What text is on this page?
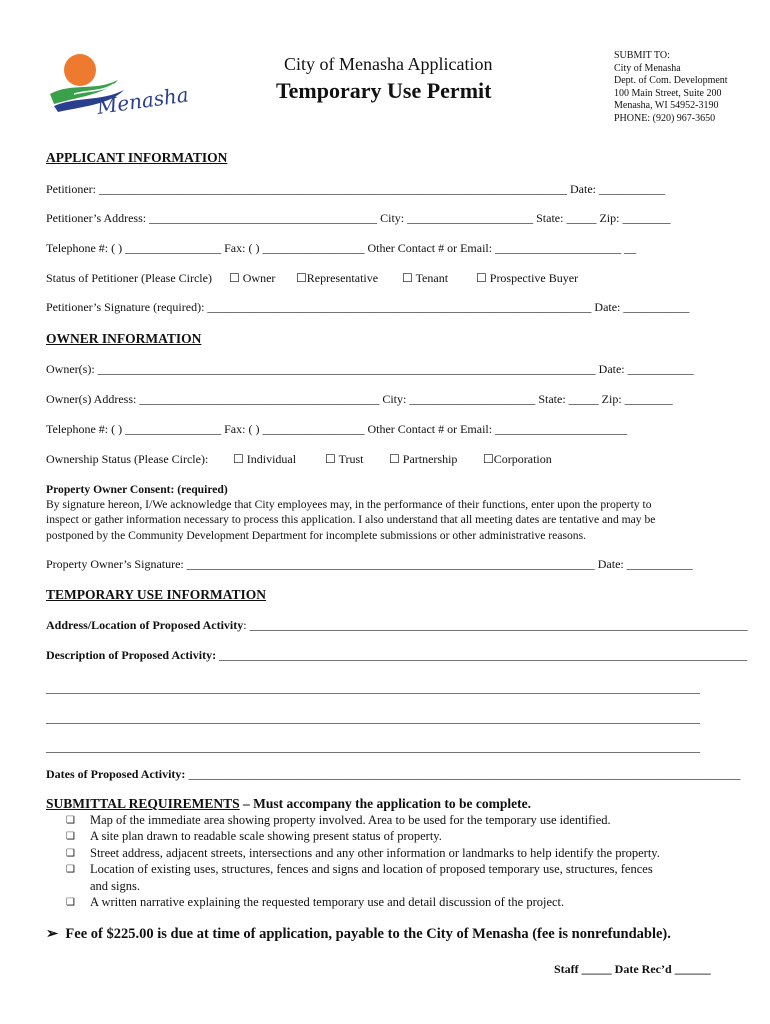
Menasha
City of Menasha Application
Temporary Use Permit
SUBMIT TO:
City of Menasha
Dept. of Com. Development
100 Main Street, Suite 200
Menasha, WI 54952-3190
PHONE: (920) 967-3650
APPLICANT INFORMATION
Petitioner: ______________________________________________________________________________ Date: ___________
Petitioner’s Address: ______________________________________ City: _____________________ State: _____ Zip: ________
Telephone #: ( ) ________________ Fax: ( ) _________________ Other Contact # or Email: _____________________ __
Status of Petitioner (Please Circle) ☐ Owner ☐Representative ☐ Tenant ☐ Prospective Buyer
Petitioner’s Signature (required): ________________________________________________________________ Date: ___________
OWNER INFORMATION
Owner(s): ___________________________________________________________________________________ Date: ___________
Owner(s) Address: ________________________________________ City: _____________________ State: _____ Zip: ________
Telephone #: ( ) ________________ Fax: ( ) _________________ Other Contact # or Email: ______________________
Ownership Status (Please Circle): ☐ Individual ☐ Trust ☐ Partnership ☐Corporation
Property Owner Consent: (required)
By signature hereon, I/We acknowledge that City employees may, in the performance of their functions, enter upon the property to
inspect or gather information necessary to process this application. I also understand that all meeting dates are tentative and may be
postponed by the Community Development Department for incomplete submissions or other administrative reasons.
Property Owner’s Signature: ____________________________________________________________________ Date: ___________
TEMPORARY USE INFORMATION
Address/Location of Proposed Activity: ___________________________________________________________________________________
Description of Proposed Activity: ________________________________________________________________________________________
_____________________________________________________________________________________________________________
_____________________________________________________________________________________________________________
_____________________________________________________________________________________________________________
Dates of Proposed Activity: ____________________________________________________________________________________________
SUBMITTAL REQUIREMENTS – Must accompany the application to be complete.
❑ Map of the immediate area showing property involved. Area to be used for the temporary use identified.
❑ A site plan drawn to readable scale showing present status of property.
❑ Street address, adjacent streets, intersections and any other information or landmarks to help identify the property.
❑ Location of existing uses, structures, fences and signs and location of proposed temporary use, structures, fences
and signs.
❑ A written narrative explaining the requested temporary use and detail discussion of the project.
➢ Fee of $225.00 is due at time of application, payable to the City of Menasha (fee is nonrefundable).
Staff _____ Date Rec’d ______
